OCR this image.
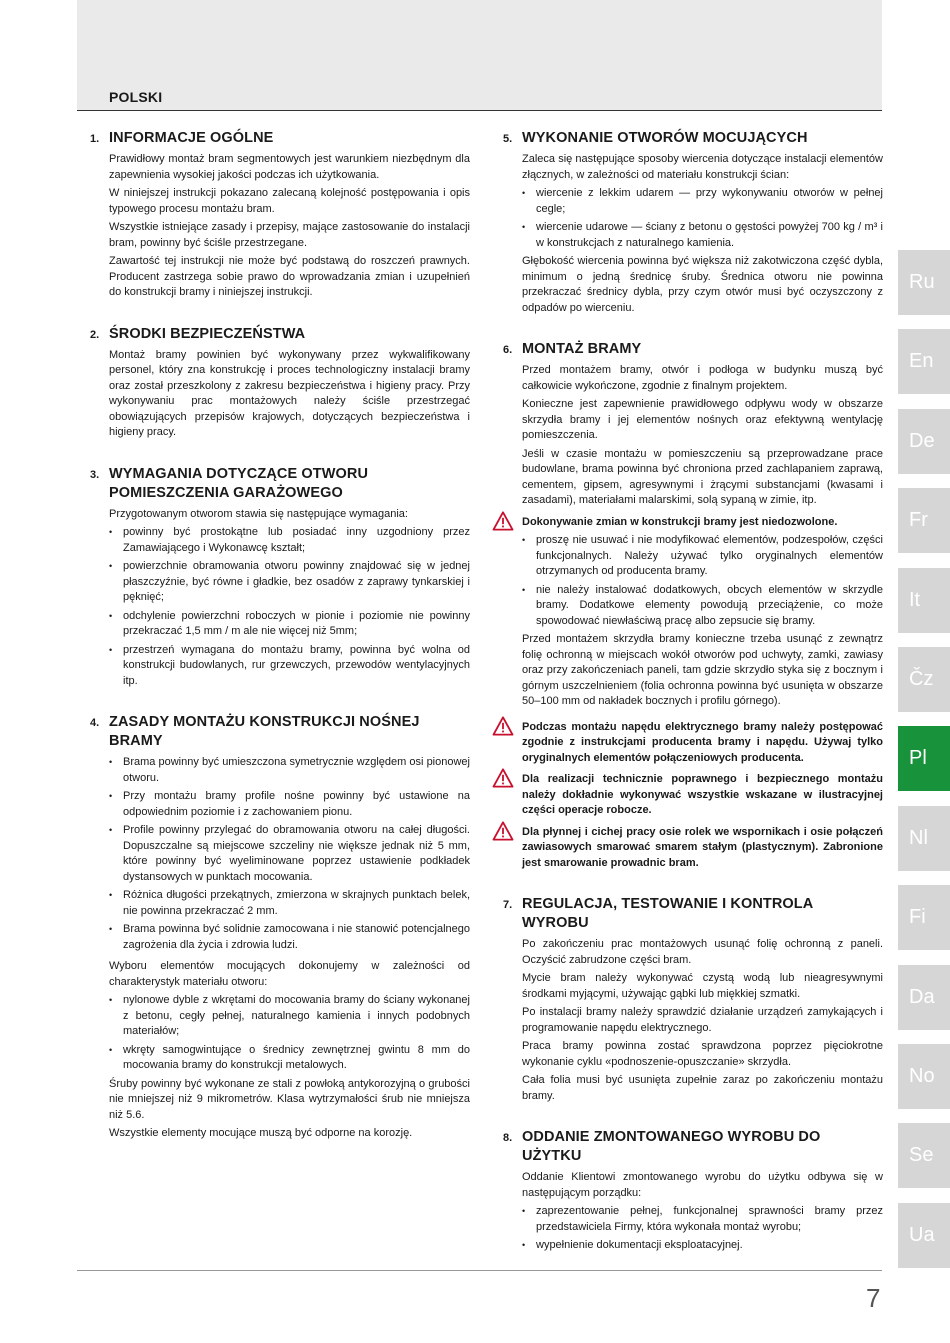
POLSKI
1. INFORMACJE OGÓLNE

Prawidłowy montaż bram segmentowych jest warunkiem niezbędnym dla zapewnienia wysokiej jakości podczas ich użytkowania.

W niniejszej instrukcji pokazano zalecaną kolejność postępowania i opis typowego procesu montażu bram.

Wszystkie istniejące zasady i przepisy, mające zastosowanie do instalacji bram, powinny być ściśle przestrzegane.

Zawartość tej instrukcji nie może być podstawą do roszczeń prawnych. Producent zastrzega sobie prawo do wprowadzania zmian i uzupełnień do konstrukcji bramy i niniejszej instrukcji.

2. ŚRODKI BEZPIECZEŃSTWA

Montaż bramy powinien być wykonywany przez wykwalifikowany personel, który zna konstrukcję i proces technologiczny instalacji bramy oraz został przeszkolony z zakresu bezpieczeństwa i higieny pracy. Przy wykonywaniu prac montażowych należy ściśle przestrzegać obowiązujących przepisów krajowych, dotyczących bezpieczeństwa i higieny pracy.

3. WYMAGANIA DOTYCZĄCE OTWORU POMIESZCZENIA GARAŻOWEGO

Przygotowanym otworom stawia się następujące wymagania:

• powinny być prostokątne lub posiadać inny uzgodniony przez Zamawiającego i Wykonawcę kształt;
• powierzchnie obramowania otworu powinny znajdować się w jednej płaszczyźnie, być równe i gładkie, bez osadów z zaprawy tynkarskiej i pęknięć;
• odchylenie powierzchni roboczych w pionie i poziomie nie powinny przekraczać 1,5 mm / m ale nie więcej niż 5mm;
• przestrzeń wymagana do montażu bramy, powinna być wolna od konstrukcji budowlanych, rur grzewczych, przewodów wentylacyjnych itp.
4. ZASADY MONTAŻU KONSTRUKCJI NOŚNEJ BRAMY
• Brama powinny być umieszczona symetrycznie względem osi pionowej otworu.
• Przy montażu bramy profile nośne powinny być ustawione na odpowiednim poziomie i z zachowaniem pionu.
• Profile powinny przylegać do obramowania otworu na całej długości. Dopuszczalne są miejscowe szczeliny nie większe jednak niż 5 mm, które powinny być wyeliminowane poprzez ustawienie podkładek dystansowych w punktach mocowania.
• Różnica długości przekątnych, zmierzona w skrajnych punktach belek, nie powinna przekraczać 2 mm.
• Brama powinna być solidnie zamocowana i nie stanowić potencjalnego zagrożenia dla życia i zdrowia ludzi.

Wyboru elementów mocujących dokonujemy w zależności od charakterystyk materiału otworu:

• nylonowe dyble z wkrętami do mocowania bramy do ściany wykonanej z betonu, cegły pełnej, naturalnego kamienia i innych podobnych materiałów;
• wkręty samogwintujące o średnicy zewnętrznej gwintu 8 mm do mocowania bramy do konstrukcji metalowych.

Śruby powinny być wykonane ze stali z powłoką antykorozyjną o grubości nie mniejszej niż 9 mikrometrów. Klasa wytrzymałości śrub nie mniejsza niż 5.6.

Wszystkie elementy mocujące muszą być odporne na korozję.

5. WYKONANIE OTWORÓW MOCUJĄCYCH

Zaleca się następujące sposoby wiercenia dotyczące instalacji elementów złącznych, w zależności od materiału konstrukcji ścian:

• wiercenie z lekkim udarem — przy wykonywaniu otworów w pełnej cegle;
• wiercenie udarowe — ściany z betonu o gęstości powyżej 700 kg / m³ i w konstrukcjach z naturalnego kamienia.

Głębokość wiercenia powinna być większa niż zakotwiczona część dybla, minimum o jedną średnicę śruby. Średnica otworu nie powinna przekraczać średnicy dybla, przy czym otwór musi być oczyszczony z odpadów po wierceniu.

6. MONTAŻ BRAMY

Przed montażem bramy, otwór i podłoga w budynku muszą być całkowicie wykończone, zgodnie z finalnym projektem.

Konieczne jest zapewnienie prawidłowego odpływu wody w obszarze skrzydła bramy i jej elementów nośnych oraz efektywną wentylację pomieszczenia.

Jeśli w czasie montażu w pomieszczeniu są przeprowadzane prace budowlane, brama powinna być chroniona przed zachlapaniem zaprawą, cementem, gipsem, agresywnymi i żrącymi substancjami (kwasami i zasadami), materiałami malarskimi, solą sypaną w zimie, itp.

Dokonywanie zmian w konstrukcji bramy jest niedozwolone.

• proszę nie usuwać i nie modyfikować elementów, podzespołów, części funkcjonalnych. Należy używać tylko oryginalnych elementów otrzymanych od producenta bramy.
• nie należy instalować dodatkowych, obcych elementów w skrzydle bramy. Dodatkowe elementy powodują przeciążenie, co może spowodować niewłaściwą pracę albo zepsucie się bramy.

Przed montażem skrzydła bramy konieczne trzeba usunąć z zewnątrz folię ochronną w miejscach wokół otworów pod uchwyty, zamki, zawiasy oraz przy zakończeniach paneli, tam gdzie skrzydło styka się z bocznym i górnym uszczelnieniem (folia ochronna powinna być usunięta w obszarze 50–100 mm od nakładek bocznych i profilu górnego).

Podczas montażu napędu elektrycznego bramy należy postępować zgodnie z instrukcjami producenta bramy i napędu. Używaj tylko oryginalnych elementów połączeniowych producenta.

Dla realizacji technicznie poprawnego i bezpiecznego montażu należy dokładnie wykonywać wszystkie wskazane w ilustracyjnej części operacje robocze.

Dla płynnej i cichej pracy osie rolek we wspornikach i osie połączeń zawiasowych smarować smarem stałym (plastycznym). Zabronione jest smarowanie prowadnic bram.

7. REGULACJA, TESTOWANIE I KONTROLA WYROBU

Po zakończeniu prac montażowych usunąć folię ochronną z paneli. Oczyścić zabrudzone części bram.

Mycie bram należy wykonywać czystą wodą lub nieagresywnymi środkami myjącymi, używając gąbki lub miękkiej szmatki.

Po instalacji bramy należy sprawdzić działanie urządzeń zamykających i programowanie napędu elektrycznego.

Praca bramy powinna zostać sprawdzona poprzez pięciokrotne wykonanie cyklu «podnoszenie-opuszczanie» skrzydła.

Cała folia musi być usunięta zupełnie zaraz po zakończeniu montażu bramy.

8. ODDANIE ZMONTOWANEGO WYROBU DO UŻYTKU

Oddanie Klientowi zmontowanego wyrobu do użytku odbywa się w następującym porządku:

• zaprezentowanie pełnej, funkcjonalnej sprawności bramy przez przedstawiciela Firmy, która wykonała montaż wyrobu;
• wypełnienie dokumentacji eksploatacyjnej.
Ru
En
De
Fr
It
Čz
Pl
Nl
Fi
Da
No
Se
Ua
7
